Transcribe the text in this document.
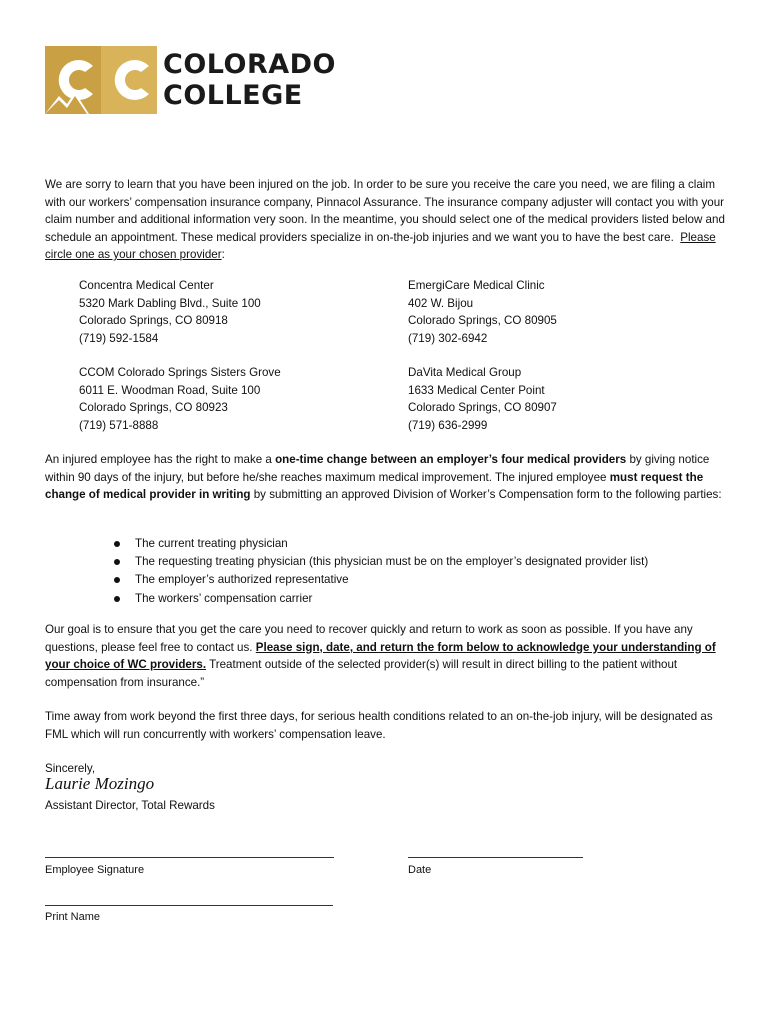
COLORADO
COLLEGE

We are sorry to learn that you have been injured on the job. In order to be sure you receive the care you need, we are filing a claim with our workers’ compensation insurance company, Pinnacol Assurance. The insurance company adjuster will contact you with your claim number and additional information very soon. In the meantime, you should select one of the medical providers listed below and schedule an appointment. These medical providers specialize in on-the-job injuries and we want you to have the best care. Please circle one as your chosen provider:

Concentra Medical Center
5320 Mark Dabling Blvd., Suite 100
Colorado Springs, CO 80918
(719) 592-1584
EmergiCare Medical Clinic
402 W. Bijou
Colorado Springs, CO 80905
(719) 302-6942
CCOM Colorado Springs Sisters Grove
6011 E. Woodman Road, Suite 100
Colorado Springs, CO 80923
(719) 571-8888
DaVita Medical Group
1633 Medical Center Point
Colorado Springs, CO 80907
(719) 636-2999

An injured employee has the right to make a one-time change between an employer’s four medical providers by giving notice within 90 days of the injury, but before he/she reaches maximum medical improvement. The injured employee must request the change of medical provider in writing by submitting an approved Division of Worker’s Compensation form to the following parties:

The current treating physician
The requesting treating physician (this physician must be on the employer’s designated provider list)
The employer’s authorized representative
The workers’ compensation carrier

Our goal is to ensure that you get the care you need to recover quickly and return to work as soon as possible. If you have any questions, please feel free to contact us. Please sign, date, and return the form below to acknowledge your understanding of your choice of WC providers. Treatment outside of the selected provider(s) will result in direct billing to the patient without compensation from insurance.”

Time away from work beyond the first three days, for serious health conditions related to an on-the-job injury, will be designated as FML which will run concurrently with workers’ compensation leave.

Sincerely,
Laurie Mozingo
Assistant Director, Total Rewards
Employee Signature	Date
Print Name
